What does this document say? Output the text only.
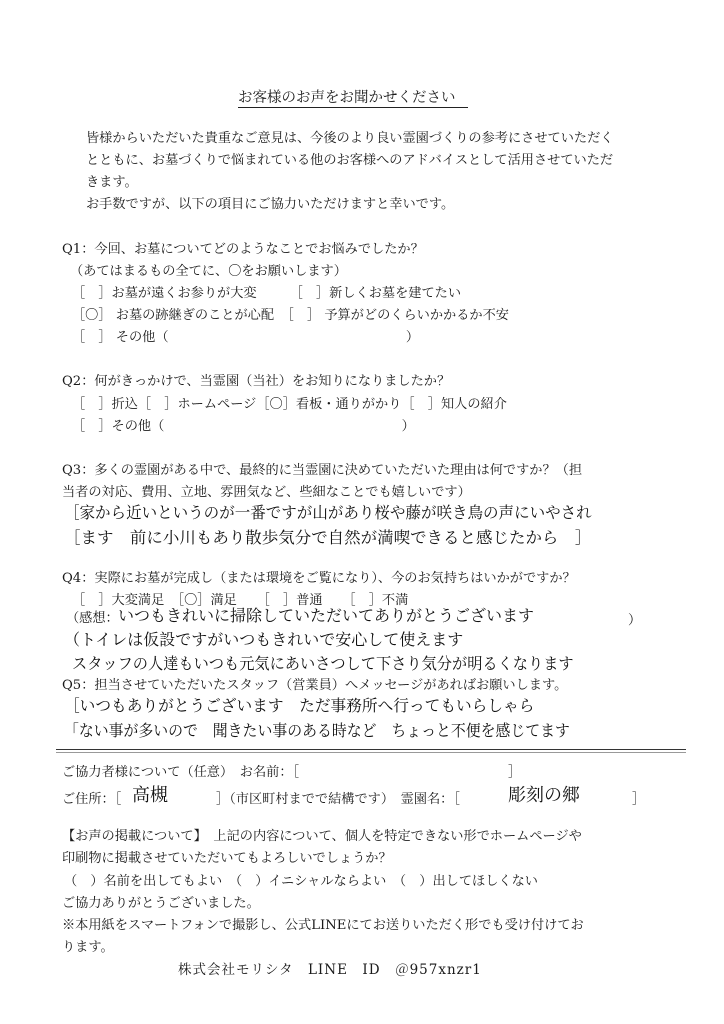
お客様のお声をお聞かせください
皆様からいただいた貴重なご意見は、今後のより良い霊園づくりの参考にさせていただく
とともに、お墓づくりで悩まれている他のお客様へのアドバイスとして活用させていただ
きます。
お手数ですが、以下の項目にご協力いただけますと幸いです。
Q1：今回、お墓についてどのようなことでお悩みでしたか？
（あてはまるもの全てに、〇をお願いします）
［　］お墓が遠くお参りが大変　　　［　］新しくお墓を建てたい
［〇］ お墓の跡継ぎのことが心配　［　］ 予算がどのくらいかかるか不安
［　］ その他（　　　　　　　　　　　　　　　　　　）
Q2：何がきっかけで、当霊園（当社）をお知りになりましたか？
［　］折込［　］ホームページ［〇］看板・通りがかり［　］知人の紹介
［　］その他（　　　　　　　　　　　　　　　　　　）
Q3：多くの霊園がある中で、最終的に当霊園に決めていただいた理由は何ですか？（担
当者の対応、費用、立地、雰囲気など、些細なことでも嬉しいです）
［家から近いというのが一番ですが山があり桜や藤が咲き鳥の声にいやされ
［ます　前に小川もあり散歩気分で自然が満喫できると感じたから　］
Q4：実際にお墓が完成し（または環境をご覧になり）、今のお気持ちはいかがですか？
［　］大変満足　［〇］満足　　［　］普通　　［　］不満
（感想： いつもきれいに掃除していただいてありがとうございます	）
（トイレは仮設ですがいつもきれいで安心して使えます
スタッフの人達もいつも元気にあいさつして下さり気分が明るくなります
Q5：担当させていただいたスタッフ（営業員）へメッセージがあればお願いします。
［いつもありがとうございます　ただ事務所へ行ってもいらしゃら
「ない事が多いので　聞きたい事のある時など　ちょっと不便を感じてます
ご協力者様について（任意）　お名前：［	］
ご住所：［ 高槻	］（市区町村までで結構です）　霊園名：［	彫刻の郷	］
【お声の掲載について】　上記の内容について、個人を特定できない形でホームページや
印刷物に掲載させていただいてもよろしいでしょうか？
（　）名前を出してもよい　（　）イニシャルならよい　（　）出してほしくない
ご協力ありがとうございました。
※本用紙をスマートフォンで撮影し、公式LINEにてお送りいただく形でも受け付けてお
ります。
株式会社モリシタ　LINE　ID　＠957xnzr1
